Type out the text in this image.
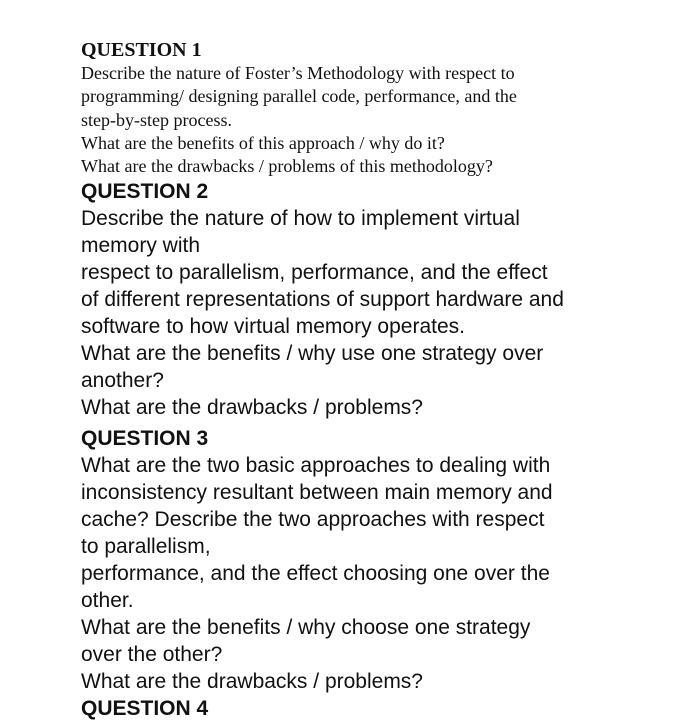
QUESTION 1

Describe the nature of Foster’s Methodology with respect to

programming/ designing parallel code, performance, and the

step-by-step process.

What are the benefits of this approach / why do it?

What are the drawbacks / problems of this methodology?

QUESTION 2

Describe the nature of how to implement virtual

memory with

respect to parallelism, performance, and the effect

of different representations of support hardware and

software to how virtual memory operates.

What are the benefits / why use one strategy over

another?

What are the drawbacks / problems?

QUESTION 3

What are the two basic approaches to dealing with

inconsistency resultant between main memory and

cache? Describe the two approaches with respect

to parallelism,

performance, and the effect choosing one over the

other.

What are the benefits / why choose one strategy

over the other?

What are the drawbacks / problems?

QUESTION 4
